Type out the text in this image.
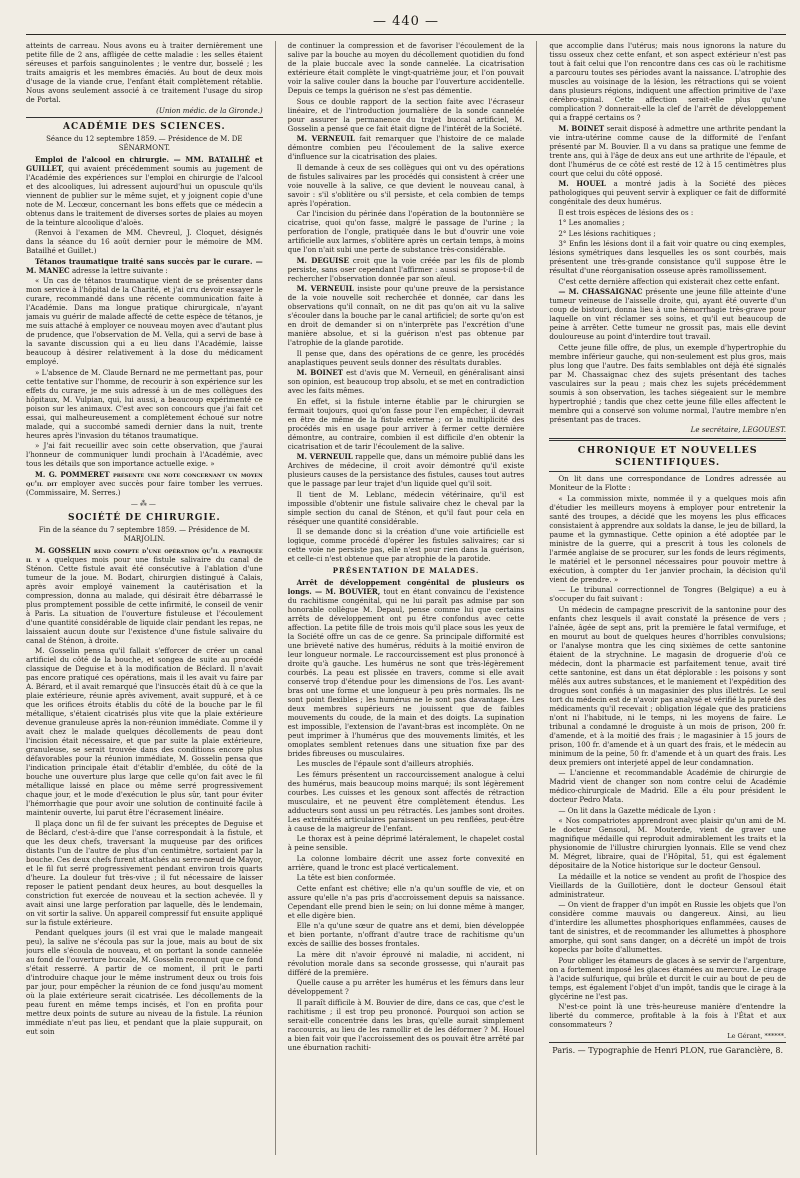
— 440 —

atteints de carreau. Nous avons eu à traiter dernièrement une petite fille de 2 ans, affligée de cette maladie : les selles étaient séreuses et parfois sanguinolentes ; le ventre dur, bosselé ; les traits amaigris et les membres émaciés. Au bout de deux mois d'usage de la viande crue, l'enfant était complètement rétablie. Nous avons seulement associé à ce traitement l'usage du sirop de Portal.

(Union médic. de la Gironde.)

ACADÉMIE DES SCIENCES.
Séance du 12 septembre 1859. — Présidence de M. DE SÉNARMONT.

Emploi de l'alcool en chirurgie. — MM. BATAILHÉ et GUILLET, qui avaient précédemment soumis au jugement de l'Académie des expériences sur l'emploi en chirurgie de l'alcool et des alcooliques, lui adressent aujourd'hui un opuscule qu'ils viennent de publier sur le même sujet, et y joignent copie d'une note de M. Lecœur, concernant les bons effets que ce médecin a obtenus dans le traitement de diverses sortes de plaies au moyen de la teinture alcoolique d'aloès.

(Renvoi à l'examen de MM. Chevreul, J. Cloquet, désignés dans la séance du 16 août dernier pour le mémoire de MM. Batailhé et Guillet.)

Tétanos traumatique traité sans succès par le curare. — M. MANEC adresse la lettre suivante :

« Un cas de tétanos traumatique vient de se présenter dans mon service à l'hôpital de la Charité, et j'ai cru devoir essayer le curare, recommandé dans une récente communication faite à l'Académie. Dans ma longue pratique chirurgicale, n'ayant jamais vu guérir de malade affecté de cette espèce de tétanos, je me suis attaché à employer ce nouveau moyen avec d'autant plus de prudence, que l'observation de M. Vella, qui a servi de base à la savante discussion qui a eu lieu dans l'Académie, laisse beaucoup à désirer relativement à la dose du médicament employé.

» L'absence de M. Claude Bernard ne me permettant pas, pour cette tentative sur l'homme, de recourir à son expérience sur les effets du curare, je me suis adressé à un de mes collègues des hôpitaux, M. Vulpian, qui, lui aussi, a beaucoup expérimenté ce poison sur les animaux. C'est avec son concours que j'ai fait cet essai, qui malheureusement a complètement échoué sur notre malade, qui a succombé samedi dernier dans la nuit, trente heures après l'invasion du tétanos traumatique.

» J'ai fait recueillir avec soin cette observation, que j'aurai l'honneur de communiquer lundi prochain à l'Académie, avec tous les détails que son importance actuelle exige. »

M. G. POMMERET présente une note concernant un moyen qu'il dit employer avec succès pour faire tomber les verrues. (Commissaire, M. Serres.)

—⁂—
SOCIÉTÉ DE CHIRURGIE.
Fin de la séance du 7 septembre 1859. — Présidence de M. MARJOLIN.

M. GOSSELIN rend compte d'une opération qu'il a pratiquée il y a quelques mois pour une fistule salivaire du canal de Sténon. Cette fistule avait été consécutive à l'ablation d'une tumeur de la joue. M. Bodart, chirurgien distingué à Calais, après avoir employé vainement la cautérisation et la compression, donna au malade, qui désirait être débarrassé le plus promptement possible de cette infirmité, le conseil de venir à Paris. La situation de l'ouverture fistuleuse et l'écoulement d'une quantité considérable de liquide clair pendant les repas, ne laissaient aucun doute sur l'existence d'une fistule salivaire du canal de Sténon, à droite.

M. Gosselin pensa qu'il fallait s'efforcer de créer un canal artificiel du côté de la bouche, et songea de suite au procédé classique de Deguise et à la modification de Béclard. Il n'avait pas encore pratiqué ces opérations, mais il les avait vu faire par A. Bérard, et il avait remarqué que l'insuccès était dû à ce que la plaie extérieure, réunie après avivement, avait suppuré, et à ce que les orifices étroits établis du côté de la bouche par le fil métallique, s'étaient cicatrisés plus vite que la plaie extérieure devenue granuleuse après la non-réunion immédiate. Comme il y avait chez le malade quelques décollements de peau dont l'incision était nécessaire, et que par suite la plaie extérieure, granuleuse, se serait trouvée dans des conditions encore plus défavorables pour la réunion immédiate, M. Gosselin pensa que l'indication principale était d'établir d'emblée, du côté de la bouche une ouverture plus large que celle qu'on fait avec le fil métallique laissé en place ou même serré progressivement chaque jour, et le mode d'exécution le plus sûr, tant pour éviter l'hémorrhagie que pour avoir une solution de continuité facile à maintenir ouverte, lui parut être l'écrasement linéaire.

Il plaça donc un fil de fer suivant les préceptes de Deguise et de Béclard, c'est-à-dire que l'anse correspondait à la fistule, et que les deux chefs, traversant la muqueuse par des orifices distants l'un de l'autre de plus d'un centimètre, sortaient par la bouche. Ces deux chefs furent attachés au serre-nœud de Mayor, et le fil fut serré progressivement pendant environ trois quarts d'heure. La douleur fut très-vive ; il fut nécessaire de laisser reposer le patient pendant deux heures, au bout desquelles la constriction fut exercée de nouveau et la section achevée. Il y avait ainsi une large perforation par laquelle, dès le lendemain, on vit sortir la salive. Un appareil compressif fut ensuite appliqué sur la fistule extérieure.

Pendant quelques jours (il est vrai que le malade mangeait peu), la salive ne s'écoula pas sur la joue, mais au bout de six jours elle s'écoula de nouveau, et on portant la sonde cannelée au fond de l'ouverture buccale, M. Gosselin reconnut que ce fond s'était resserré. A partir de ce moment, il prit le parti d'introduire chaque jour le même instrument deux ou trois fois par jour, pour empêcher la réunion de ce fond jusqu'au moment où la plaie extérieure serait cicatrisée. Les décollements de la peau furent en même temps incisés, et l'on en profita pour mettre deux points de suture au niveau de la fistule. La réunion immédiate n'eut pas lieu, et pendant que la plaie suppurait, on eut soin

de continuer la compression et de favoriser l'écoulement de la salive par la bouche au moyen du décollement quotidien du fond de la plaie buccale avec la sonde cannelée. La cicatrisation extérieure était complète le vingt-quatrième jour, et l'on pouvait voir la salive couler dans la bouche par l'ouverture accidentelle. Depuis ce temps la guérison ne s'est pas démentie.

Sous ce double rapport de la section faite avec l'écraseur linéaire, et de l'introduction journalière de la sonde cannelée pour assurer la permanence du trajet buccal artificiel, M. Gosselin a pensé que ce fait était digne de l'intérêt de la Société.

M. VERNEUIL fait remarquer que l'histoire de ce malade démontre combien peu l'écoulement de la salive exerce d'influence sur la cicatrisation des plaies.

Il demande à ceux de ses collègues qui ont vu des opérations de fistules salivaires par les procédés qui consistent à créer une voie nouvelle à la salive, ce que devient le nouveau canal, à savoir : s'il s'oblitère ou s'il persiste, et cela combien de temps après l'opération.

Car l'incision du périnée dans l'opération de la boutonnière se cicatrise, quoi qu'on fasse, malgré le passage de l'urine ; la perforation de l'ongle, pratiquée dans le but d'ouvrir une voie artificielle aux larmes, s'oblitère après un certain temps, à moins que l'on n'ait subi une perte de substance très-considérable.

M. DEGUISE croit que la voie créée par les fils de plomb persiste, sans oser cependant l'affirmer : aussi se propose-t-il de rechercher l'observation donnée par son aïeul.

M. VERNEUIL insiste pour qu'une preuve de la persistance de la voie nouvelle soit recherchée et donnée, car dans les observations qu'il connaît, on ne dit pas qu'on ait vu la salive s'écouler dans la bouche par le canal artificiel; de sorte qu'on est en droit de demander si on n'interprète pas l'excrétion d'une manière absolue, et si la guérison n'est pas obtenue par l'atrophie de la glande parotide.

Il pense que, dans des opérations de ce genre, les procédés anaplastiques peuvent seuls donner des résultats durables.

M. BOINET est d'avis que M. Verneuil, en généralisant ainsi son opinion, est beaucoup trop absolu, et se met en contradiction avec les faits mêmes.

En effet, si la fistule interne établie par le chirurgien se fermait toujours, quoi qu'on fasse pour l'en empêcher, il devrait en être de même de la fistule externe ; or la multiplicité des procédés mis en usage pour arriver à fermer cette dernière démontre, au contraire, combien il est difficile d'en obtenir la cicatrisation et de tarir l'écoulement de la salive.

M. VERNEUIL rappelle que, dans un mémoire publié dans les Archives de médecine, il croit avoir démontré qu'il existe plusieurs causes de la persistance des fistules, causes tout autres que le passage par leur trajet d'un liquide quel qu'il soit.

Il tient de M. Leblanc, médecin vétérinaire, qu'il est impossible d'obtenir une fistule salivaire chez le cheval par la simple section du canal de Sténon, et qu'il faut pour cela en réséquer une quantité considérable.

Il se demande donc si la création d'une voie artificielle est logique, comme procédé d'opérer les fistules salivaires; car si cette voie ne persiste pas, elle n'est pour rien dans la guérison, et celle-ci n'est obtenue que par atrophie de la parotide.

PRÉSENTATION DE MALADES.

Arrêt de développement congénital de plusieurs os longs. — M. BOUVIER, tout en étant convaincu de l'existence du rachitisme congénital, qui ne lui paraît pas admise par son honorable collègue M. Depaul, pense comme lui que certains arrêts de développement ont pu être confondus avec cette affection. La petite fille de trois mois qu'il place sous les yeux de la Société offre un cas de ce genre. Sa principale difformité est une brièveté native des humérus, réduits à la moitié environ de leur longueur normale. Le raccourcissement est plus prononcé à droite qu'à gauche. Les humérus ne sont que très-légèrement courbés. La peau est plissée en travers, comme si elle avait conservé trop d'étendue pour les dimensions de l'os. Les avant-bras ont une forme et une longueur à peu près normales. Ils ne sont point flexibles ; les humérus ne le sont pas davantage. Les deux membres supérieurs ne jouissent que de faibles mouvements du coude, de la main et des doigts. La supination est impossible, l'extension de l'avant-bras est incomplète. On ne peut imprimer à l'humérus que des mouvements limités, et les omoplates semblent retenues dans une situation fixe par des brides fibreuses ou musculaires.

Les muscles de l'épaule sont d'ailleurs atrophiés.

Les fémurs présentent un raccourcissement analogue à celui des humérus, mais beaucoup moins marqué; ils sont légèrement courbes. Les cuisses et les genoux sont affectés de rétraction musculaire, et ne peuvent être complètement étendus. Les adducteurs sont aussi un peu rétractés. Les jambes sont droites. Les extrémités articulaires paraissent un peu renflées, peut-être à cause de la maigreur de l'enfant.

Le thorax est à peine déprimé latéralement, le chapelet costal à peine sensible.

La colonne lombaire décrit une assez forte convexité en arrière, quand le tronc est placé verticalement.

La tête est bien conformée.

Cette enfant est chétive; elle n'a qu'un souffle de vie, et on assure qu'elle n'a pas pris d'accroissement depuis sa naissance. Cependant elle prend bien le sein; on lui donne même à manger, et elle digère bien.

Elle n'a qu'une sœur de quatre ans et demi, bien développée et bien portante, n'offrant d'autre trace de rachitisme qu'un excès de saillie des bosses frontales.

La mère dit n'avoir éprouvé ni maladie, ni accident, ni révolution morale dans sa seconde grossesse, qui n'aurait pas différé de la première.

Quelle cause a pu arrêter les humérus et les fémurs dans leur développement ?

Il paraît difficile à M. Bouvier de dire, dans ce cas, que c'est le rachitisme ; il est trop peu prononcé. Pourquoi son action se serait-elle concentrée dans les bras, qu'elle aurait simplement raccourcis, au lieu de les ramollir et de les déformer ? M. Houel a bien fait voir que l'accroissement des os pouvait être arrêté par une éburnation rachiti-

que accomplie dans l'utérus; mais nous ignorons la nature du tissu osseux chez cette enfant, et son aspect extérieur n'est pas tout à fait celui que l'on rencontre dans ces cas où le rachitisme a parcouru toutes ses périodes avant la naissance. L'atrophie des muscles au voisinage de la lésion, les rétractions qui se voient dans plusieurs régions, indiquent une affection primitive de l'axe cérébro-spinal. Cette affection serait-elle plus qu'une complication ? donnerait-elle la clef de l'arrêt de développement qui a frappé certains os ?

M. BOINET serait disposé à admettre une arthrite pendant la vie intra-utérine comme cause de la difformité de l'enfant présenté par M. Bouvier. Il a vu dans sa pratique une femme de trente ans, qui à l'âge de deux ans eut une arthrite de l'épaule, et dont l'humérus de ce côté est resté de 12 à 15 centimètres plus court que celui du côté opposé.

M. HOUEL a montré jadis à la Société des pièces pathologiques qui peuvent servir à expliquer ce fait de difformité congénitale des deux humérus.

Il est trois espèces de lésions des os :

1° Les anomalies ;

2° Les lésions rachitiques ;

3° Enfin les lésions dont il a fait voir quatre ou cinq exemples, lésions symétriques dans lesquelles les os sont courbés, mais présentent une très-grande consistance qu'il suppose être le résultat d'une réorganisation osseuse après ramollissement.

C'est cette dernière affection qui existerait chez cette enfant.

— M. CHASSAIGNAC présente une jeune fille atteinte d'une tumeur veineuse de l'aisselle droite, qui, ayant été ouverte d'un coup de bistouri, donna lieu à une hémorrhagie très-grave pour laquelle on vint réclamer ses soins, et qu'il eut beaucoup de peine à arrêter. Cette tumeur ne grossit pas, mais elle devint douloureuse au point d'interdire tout travail.

Cette jeune fille offre, de plus, un exemple d'hypertrophie du membre inférieur gauche, qui non-seulement est plus gros, mais plus long que l'autre. Des faits semblables ont déjà été signalés par M. Chassaignac chez des sujets présentant des taches vasculaires sur la peau ; mais chez les sujets précédemment soumis à son observation, les taches siégeaient sur le membre hypertrophié ; tandis que chez cette jeune fille elles affectent le membre qui a conservé son volume normal, l'autre membre n'en présentant pas de traces.

Le secrétaire, LEGOUEST.
CHRONIQUE ET NOUVELLES SCIENTIFIQUES.

On lit dans une correspondance de Londres adressée au Moniteur de la Flotte :

« La commission mixte, nommée il y a quelques mois afin d'étudier les meilleurs moyens à employer pour entretenir la santé des troupes, a décidé que les moyens les plus efficaces consistaient à apprendre aux soldats la danse, le jeu de billard, la paume et la gymnastique. Cette opinion a été adoptée par le ministre de la guerre, qui a prescrit à tous les colonels de l'armée anglaise de se procurer, sur les fonds de leurs régiments, le matériel et le personnel nécessaires pour pouvoir mettre à exécution, à compter du 1er janvier prochain, la décision qu'il vient de prendre. »

— Le tribunal correctionnel de Tongres (Belgique) a eu à s'occuper du fait suivant :

Un médecin de campagne prescrivit de la santonine pour des enfants chez lesquels il avait constaté la présence de vers ; l'aînée, âgée de sept ans, prit la première le fatal vermifuge, et en mourut au bout de quelques heures d'horribles convulsions; or l'analyse montra que les cinq sixièmes de cette santonine étaient de la strychnine. Le magasin de droguerie d'où ce médecin, dont la pharmacie est parfaitement tenue, avait tiré cette santonine, est dans un état déplorable : les poisons y sont mêlés aux autres substances, et le maniement et l'expédition des drogues sont confiés à un magasinier des plus illettrés. Le seul tort du médecin est de n'avoir pas analysé et vérifié la pureté des médicaments qu'il recevait ; obligation légale que des praticiens n'ont ni l'habitude, ni le temps, ni les moyens de faire. Le tribunal a condamné le droguiste à un mois de prison, 200 fr. d'amende, et à la moitié des frais ; le magasinier à 15 jours de prison, 100 fr. d'amende et à un quart des frais, et le médecin au minimum de la peine, 50 fr. d'amende et à un quart des frais. Les deux premiers ont interjeté appel de leur condamnation.

— L'ancienne et recommandable Académie de chirurgie de Madrid vient de changer son nom contre celui de Académie médico-chirurgicale de Madrid. Elle a élu pour président le docteur Pedro Mata.

— On lit dans la Gazette médicale de Lyon :

« Nos compatriotes apprendront avec plaisir qu'un ami de M. le docteur Gensoul, M. Mouterde, vient de graver une magnifique médaille qui reproduit admirablement les traits et la physionomie de l'illustre chirurgien lyonnais. Elle se vend chez M. Mégret, libraire, quai de l'Hôpital, 51, qui est également dépositaire de la Notice historique sur le docteur Gensoul.

La médaille et la notice se vendent au profit de l'hospice des Vieillards de la Guillotière, dont le docteur Gensoul était administrateur.

— On vient de frapper d'un impôt en Russie les objets que l'on considère comme mauvais ou dangereux. Ainsi, au lieu d'interdire les allumettes phosphoriques enflammées, causes de tant de sinistres, et de recommander les allumettes à phosphore amorphe, qui sont sans danger, on a décrété un impôt de trois kopecks par boîte d'allumettes.

Pour obliger les étameurs de glaces à se servir de l'argenture, on a fortement imposé les glaces étamées au mercure. Le cirage à l'acide sulfurique, qui brûle et durcit le cuir au bout de peu de temps, est également l'objet d'un impôt, tandis que le cirage à la glycérine ne l'est pas.

N'est-ce point là une très-heureuse manière d'entendre la liberté du commerce, profitable à la fois à l'État et aux consommateurs ?

Le Gérant, ******.
Paris. — Typographie de Henri PLON, rue Garancière, 8.
